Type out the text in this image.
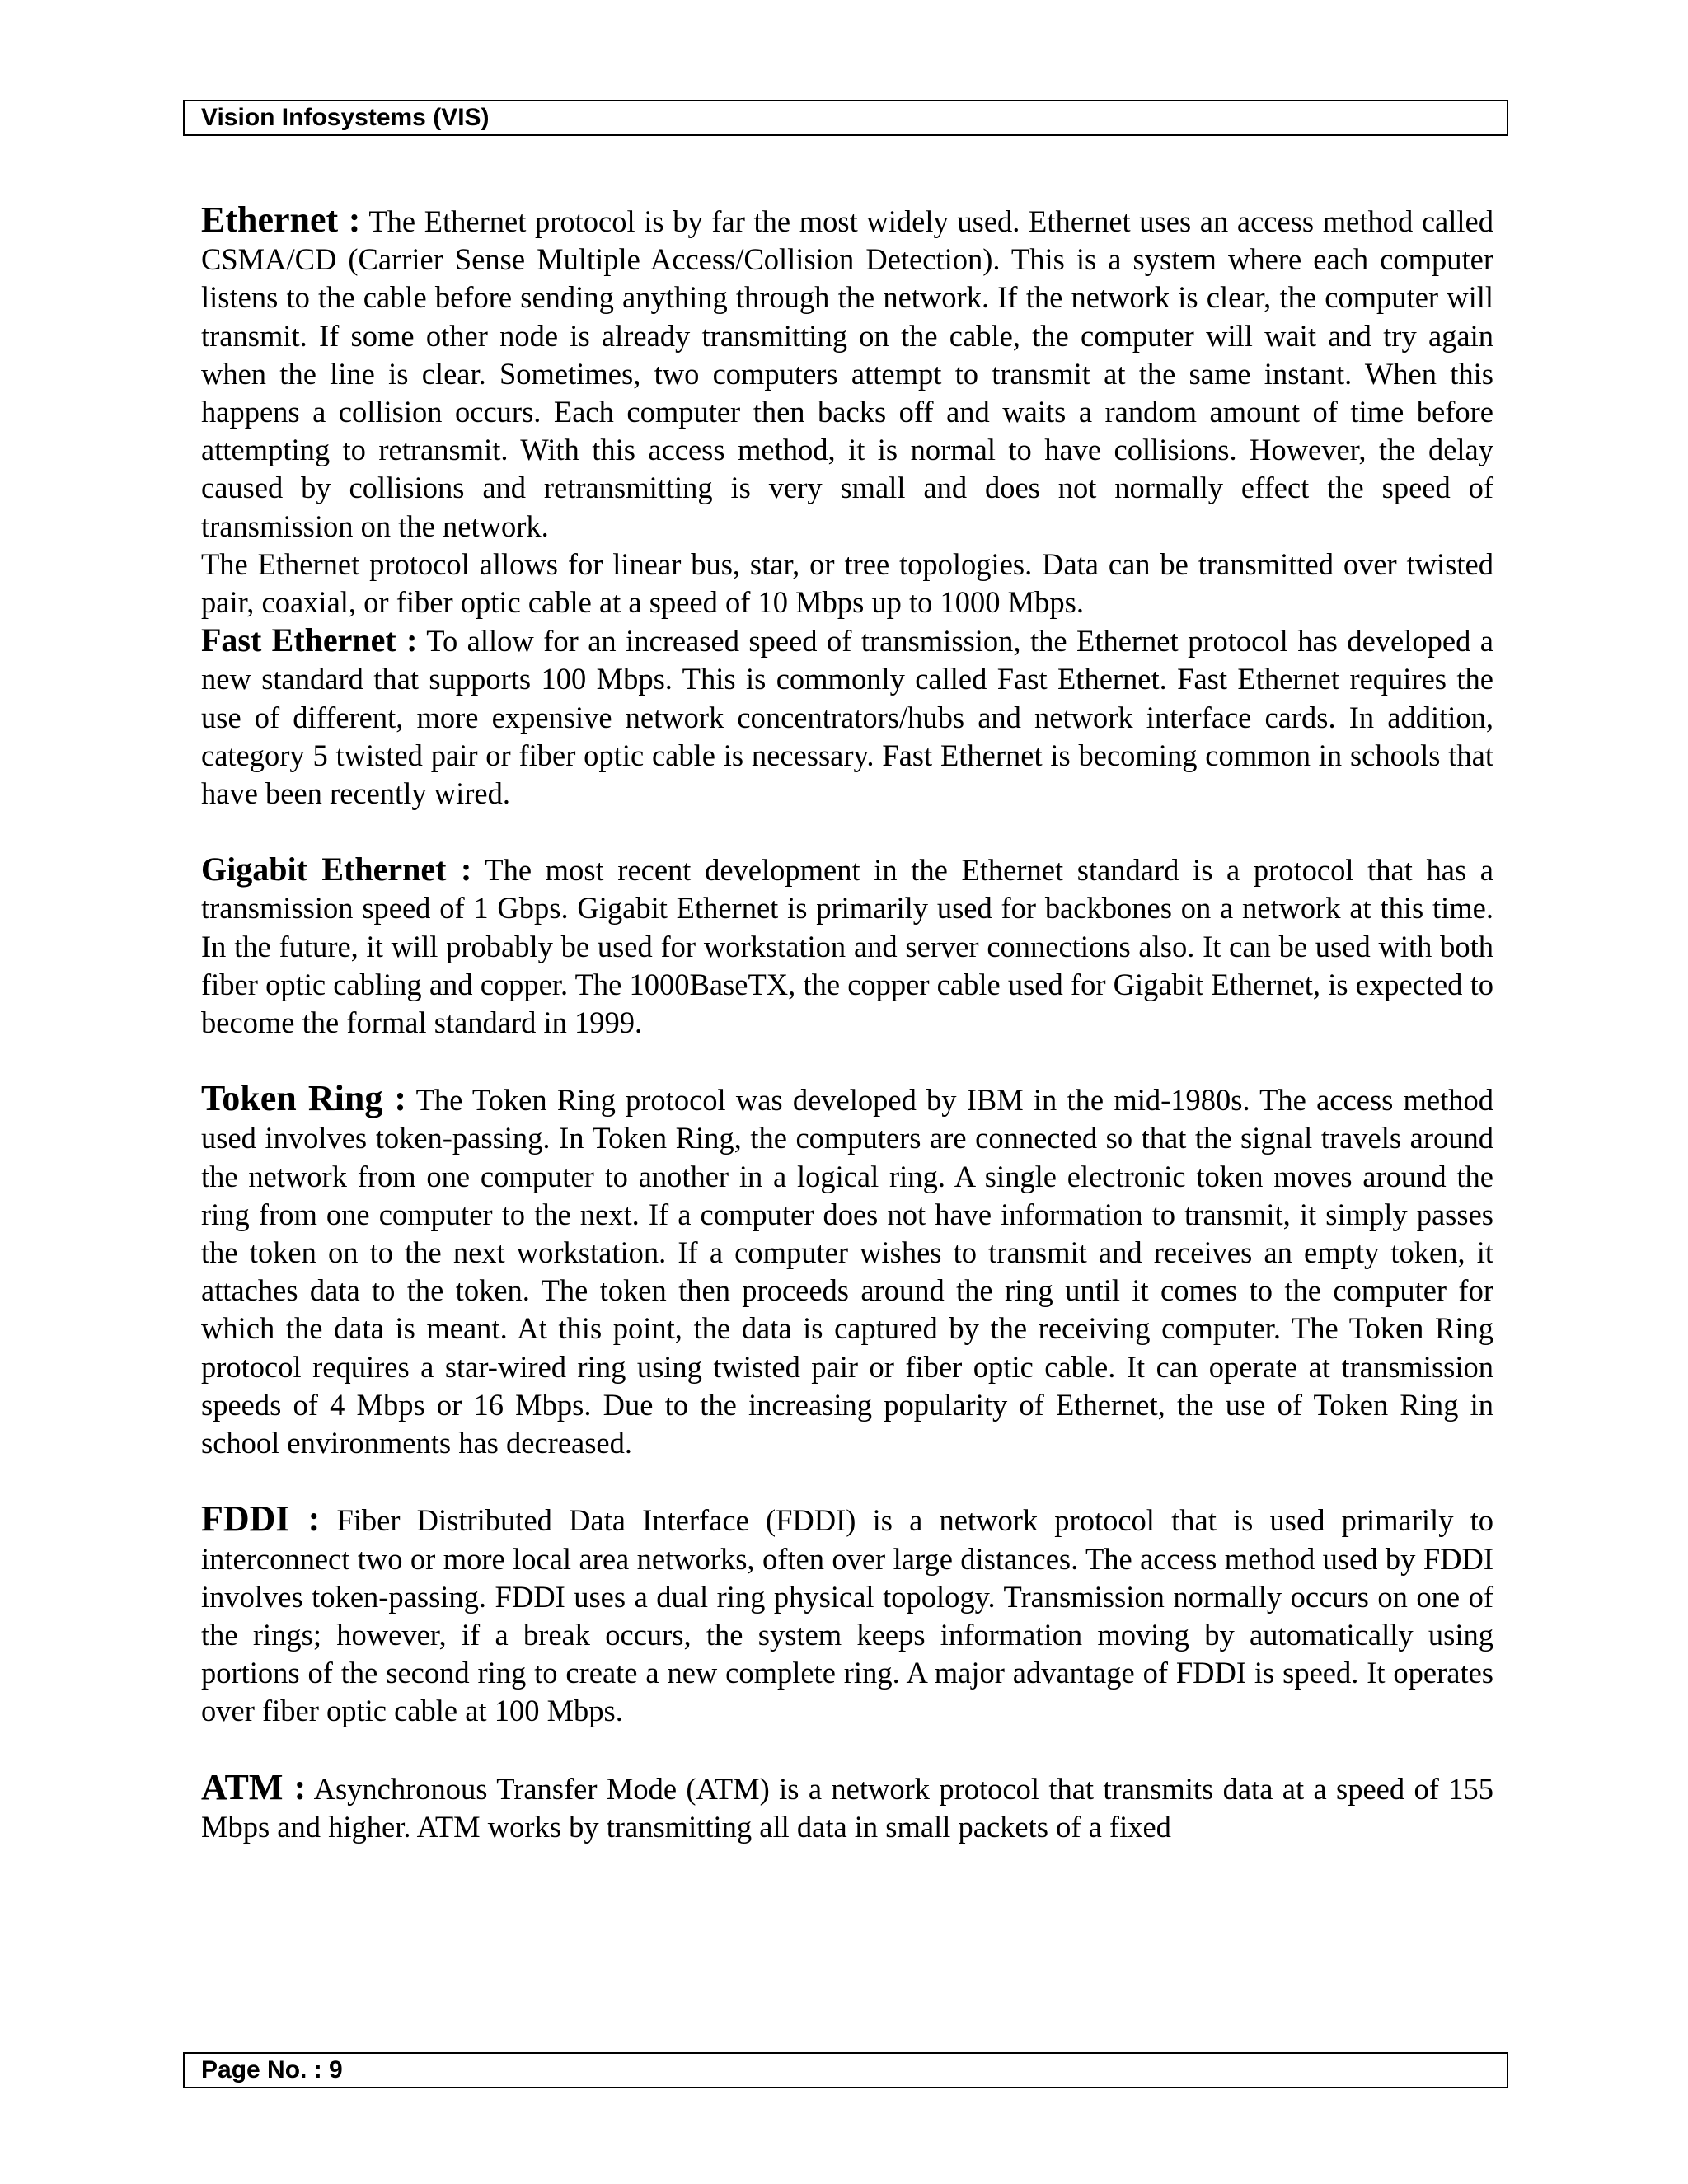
Vision Infosystems (VIS)

Ethernet : The Ethernet protocol is by far the most widely used. Ethernet uses an access method called CSMA/CD (Carrier Sense Multiple Access/Collision Detection). This is a system where each computer listens to the cable before sending anything through the network. If the network is clear, the computer will transmit. If some other node is already transmitting on the cable, the computer will wait and try again when the line is clear. Sometimes, two computers attempt to transmit at the same instant. When this happens a collision occurs. Each computer then backs off and waits a random amount of time before attempting to retransmit. With this access method, it is normal to have collisions. However, the delay caused by collisions and retransmitting is very small and does not normally effect the speed of transmission on the network.

The Ethernet protocol allows for linear bus, star, or tree topologies. Data can be transmitted over twisted pair, coaxial, or fiber optic cable at a speed of 10 Mbps up to 1000 Mbps.

Fast Ethernet : To allow for an increased speed of transmission, the Ethernet protocol has developed a new standard that supports 100 Mbps. This is commonly called Fast Ethernet. Fast Ethernet requires the use of different, more expensive network concentrators/hubs and network interface cards. In addition, category 5 twisted pair or fiber optic cable is necessary. Fast Ethernet is becoming common in schools that have been recently wired.

Gigabit Ethernet : The most recent development in the Ethernet standard is a protocol that has a transmission speed of 1 Gbps. Gigabit Ethernet is primarily used for backbones on a network at this time. In the future, it will probably be used for workstation and server connections also. It can be used with both fiber optic cabling and copper. The 1000BaseTX, the copper cable used for Gigabit Ethernet, is expected to become the formal standard in 1999.

Token Ring : The Token Ring protocol was developed by IBM in the mid-1980s. The access method used involves token-passing. In Token Ring, the computers are connected so that the signal travels around the network from one computer to another in a logical ring. A single electronic token moves around the ring from one computer to the next. If a computer does not have information to transmit, it simply passes the token on to the next workstation. If a computer wishes to transmit and receives an empty token, it attaches data to the token. The token then proceeds around the ring until it comes to the computer for which the data is meant. At this point, the data is captured by the receiving computer. The Token Ring protocol requires a star-wired ring using twisted pair or fiber optic cable. It can operate at transmission speeds of 4 Mbps or 16 Mbps. Due to the increasing popularity of Ethernet, the use of Token Ring in school environments has decreased.

FDDI : Fiber Distributed Data Interface (FDDI) is a network protocol that is used primarily to interconnect two or more local area networks, often over large distances. The access method used by FDDI involves token-passing. FDDI uses a dual ring physical topology. Transmission normally occurs on one of the rings; however, if a break occurs, the system keeps information moving by automatically using portions of the second ring to create a new complete ring. A major advantage of FDDI is speed. It operates over fiber optic cable at 100 Mbps.

ATM : Asynchronous Transfer Mode (ATM) is a network protocol that transmits data at a speed of 155 Mbps and higher. ATM works by transmitting all data in small packets of a fixed

Page No. : 9
